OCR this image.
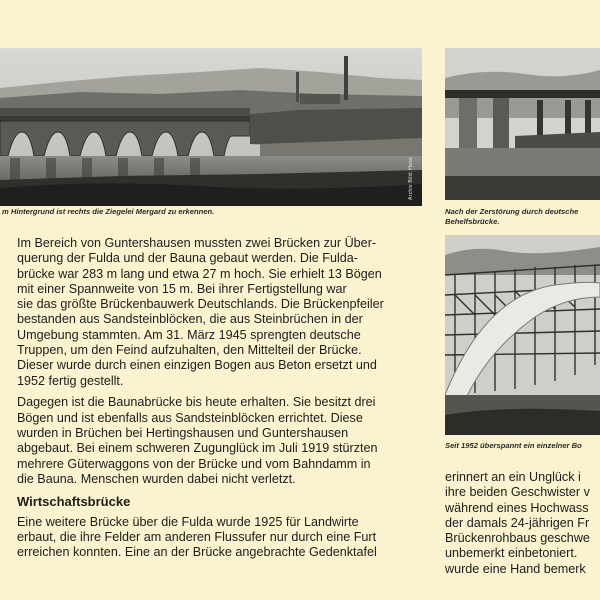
Archiv Bild: Hess
m Hintergrund ist rechts die Ziegelei Mergard zu erkennen.	Nach der Zerstörung durch deutsche
Behelfsbrücke.
Seit 1952 überspannt ein einzelner Bo

Im Bereich von Guntershausen mussten zwei Brücken zur Über-
querung der Fulda und der Bauna gebaut werden. Die Fulda-
brücke war 283 m lang und etwa 27 m hoch. Sie erhielt 13 Bögen
mit einer Spannweite von 15 m. Bei ihrer Fertigstellung war
sie das größte Brückenbauwerk Deutschlands. Die Brückenpfeiler
bestanden aus Sandsteinblöcken, die aus Steinbrüchen in der
Umgebung stammten. Am 31. März 1945 sprengten deutsche
Truppen, um den Feind aufzuhalten, den Mittelteil der Brücke.
Dieser wurde durch einen einzigen Bogen aus Beton ersetzt und
1952 fertig gestellt.

Dagegen ist die Baunabrücke bis heute erhalten. Sie besitzt drei
Bögen und ist ebenfalls aus Sandsteinblöcken errichtet. Diese
wurden in Brüchen bei Hertingshausen und Guntershausen
abgebaut. Bei einem schweren Zugunglück im Juli 1919 stürzten
mehrere Güterwaggons von der Brücke und vom Bahndamm in
die Bauna. Menschen wurden dabei nicht verletzt.

Wirtschaftsbrücke

Eine weitere Brücke über die Fulda wurde 1925 für Landwirte
erbaut, die ihre Felder am anderen Flussufer nur durch eine Furt
erreichen konnten. Eine an der Brücke angebrachte Gedenktafel

erinnert an ein Unglück i
ihre beiden Geschwister v
während eines Hochwass
der damals 24-jährigen Fr
Brückenrohbaus geschwe
unbemerkt einbetoniert.
wurde eine Hand bemerk
